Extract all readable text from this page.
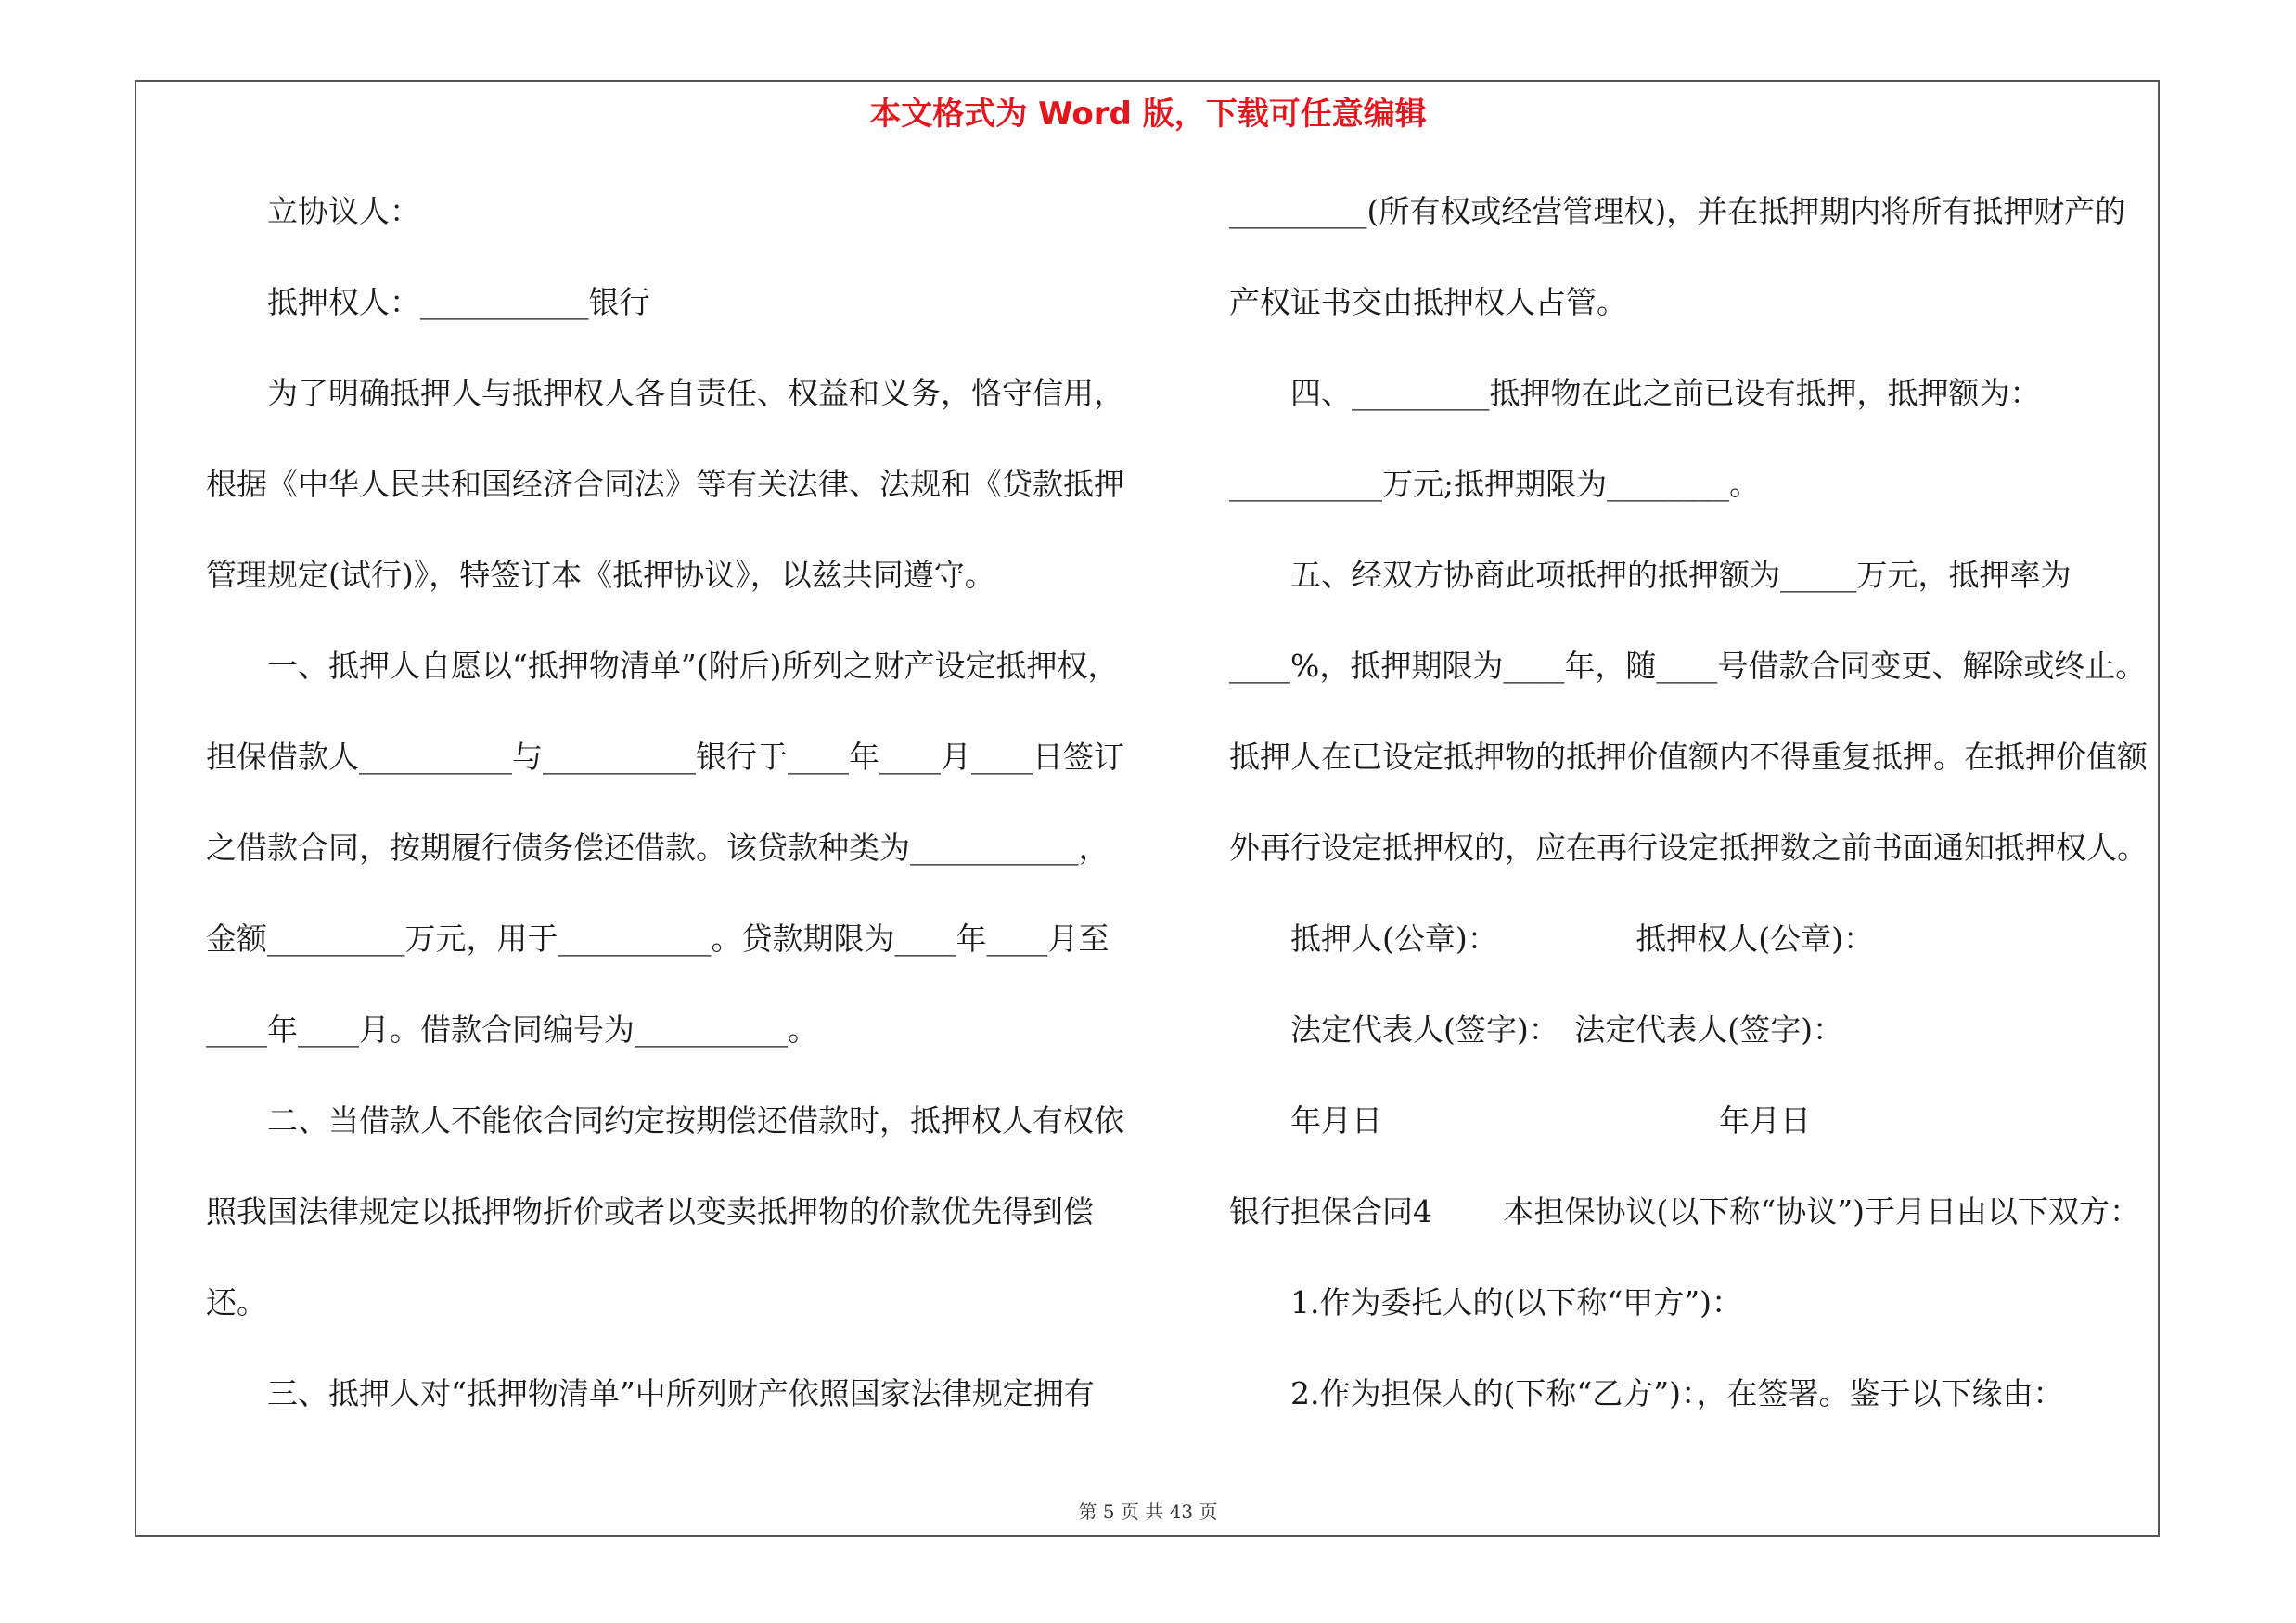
本文格式为 Word 版，下载可任意编辑
立协议人：
抵押权人：___________银行
为了明确抵押人与抵押权人各自责任、权益和义务，恪守信用，
根据《中华人民共和国经济合同法》等有关法律、法规和《贷款抵押
管理规定(试行)》，特签订本《抵押协议》，以兹共同遵守。
一、抵押人自愿以“抵押物清单”(附后)所列之财产设定抵押权，
担保借款人__________与__________银行于____年____月____日签订
之借款合同，按期履行债务偿还借款。该贷款种类为___________，
金额_________万元，用于__________。贷款期限为____年____月至
____年____月。借款合同编号为__________。
二、当借款人不能依合同约定按期偿还借款时，抵押权人有权依
照我国法律规定以抵押物折价或者以变卖抵押物的价款优先得到偿
还。
三、抵押人对“抵押物清单”中所列财产依照国家法律规定拥有
_________(所有权或经营管理权)，并在抵押期内将所有抵押财产的
产权证书交由抵押权人占管。
四、_________抵押物在此之前已设有抵押，抵押额为：
__________万元;抵押期限为________。
五、经双方协商此项抵押的抵押额为_____万元，抵押率为
____%，抵押期限为____年，随____号借款合同变更、解除或终止。
抵押人在已设定抵押物的抵押价值额内不得重复抵押。在抵押价值额
外再行设定抵押权的，应在再行设定抵押数之前书面通知抵押权人。
抵押人(公章)：　　　　　抵押权人(公章)：
法定代表人(签字)：　法定代表人(签字)：
年月日　　　　　　　　　　　年月日
银行担保合同4　　 本担保协议(以下称“协议”)于月日由以下双方：
1.作为委托人的(以下称“甲方”)：
2.作为担保人的(下称“乙方”)：，在签署。鉴于以下缘由：
第 5 页 共 43 页
